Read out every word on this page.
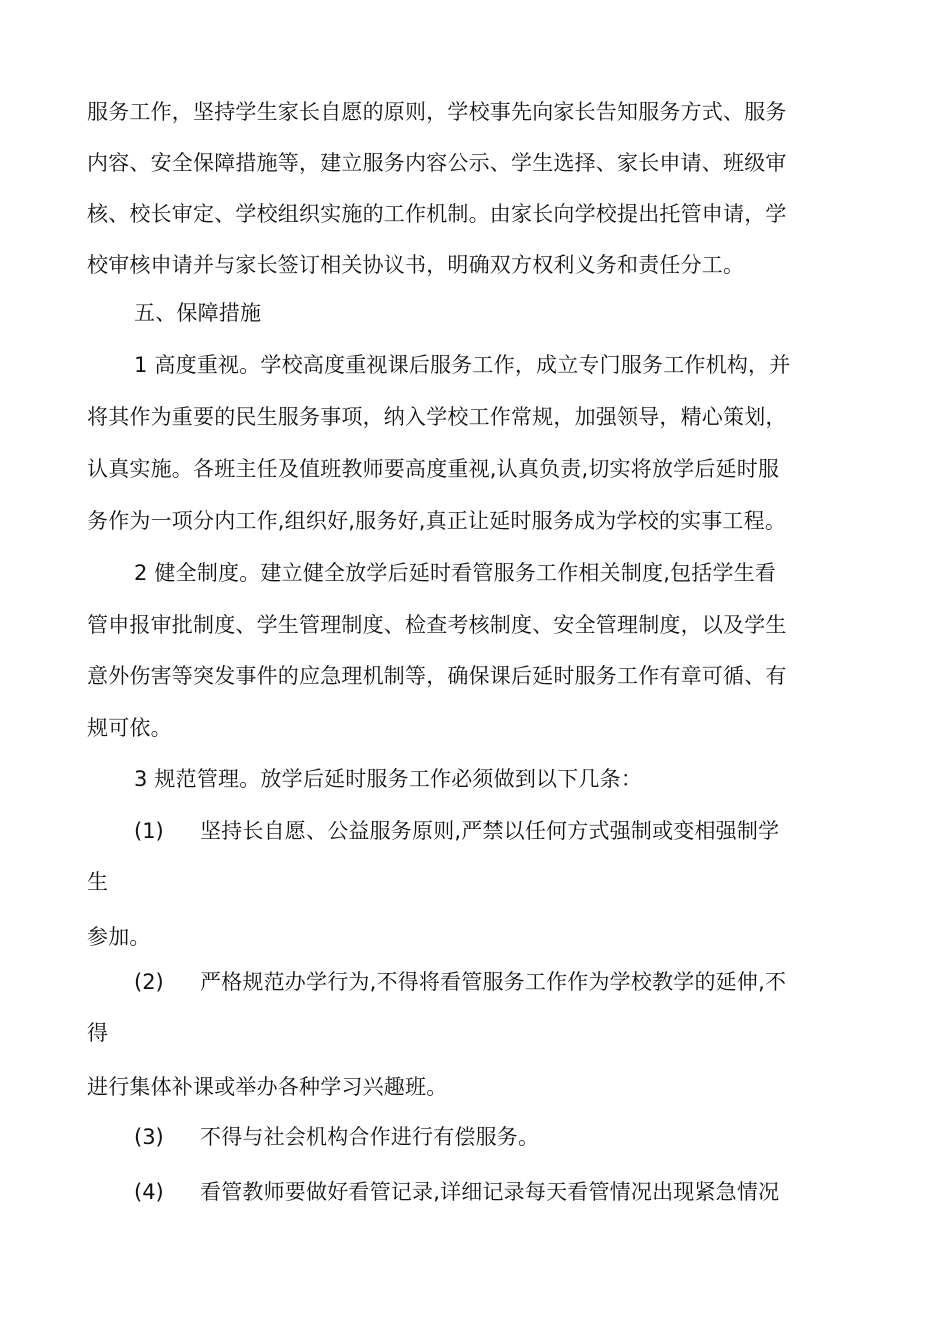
服务工作，坚持学生家长自愿的原则，学校事先向家长告知服务方式、服务
内容、安全保障措施等，建立服务内容公示、学生选择、家长申请、班级审
核、校长审定、学校组织实施的工作机制。由家长向学校提出托管申请，学
校审核申请并与家长签订相关协议书，明确双方权利义务和责任分工。
五、保障措施
1 高度重视。学校高度重视课后服务工作，成立专门服务工作机构，并
将其作为重要的民生服务事项，纳入学校工作常规，加强领导，精心策划，
认真实施。各班主任及值班教师要高度重视,认真负责,切实将放学后延时服
务作为一项分内工作,组织好,服务好,真正让延时服务成为学校的实事工程。
2 健全制度。建立健全放学后延时看管服务工作相关制度,包括学生看
管申报审批制度、学生管理制度、检查考核制度、安全管理制度，以及学生
意外伤害等突发事件的应急理机制等，确保课后延时服务工作有章可循、有
规可依。
3 规范管理。放学后延时服务工作必须做到以下几条：
(1) 坚持长自愿、公益服务原则,严禁以任何方式强制或变相强制学
生
参加。
(2) 严格规范办学行为,不得将看管服务工作作为学校教学的延伸,不
得
进行集体补课或举办各种学习兴趣班。
(3) 不得与社会机构合作进行有偿服务。
(4) 看管教师要做好看管记录,详细记录每天看管情况出现紧急情况
